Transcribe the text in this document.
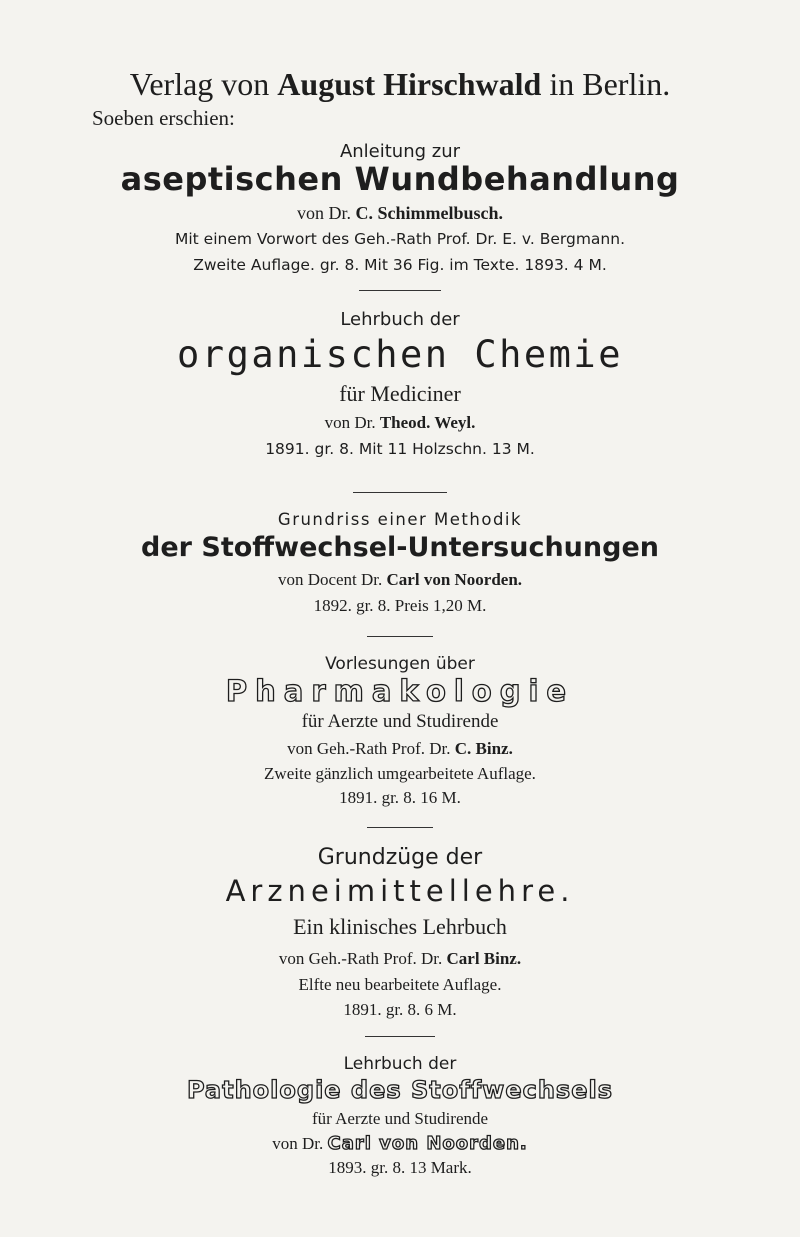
Verlag von August Hirschwald in Berlin.
Soeben erschien:
Anleitung zur
aseptischen Wundbehandlung
von Dr. C. Schimmelbusch.
Mit einem Vorwort des Geh.-Rath Prof. Dr. E. v. Bergmann.
Zweite Auflage. gr. 8. Mit 36 Fig. im Texte. 1893. 4 M.
Lehrbuch der
organischen Chemie
für Mediciner
von Dr. Theod. Weyl.
1891. gr. 8. Mit 11 Holzschn. 13 M.
Grundriss einer Methodik
der Stoffwechsel-Untersuchungen
von Docent Dr. Carl von Noorden.
1892. gr. 8. Preis 1,20 M.
Vorlesungen über
Pharmakologie
für Aerzte und Studirende
von Geh.-Rath Prof. Dr. C. Binz.
Zweite gänzlich umgearbeitete Auflage.
1891. gr. 8. 16 M.
Grundzüge der
Arzneimittellehre.
Ein klinisches Lehrbuch
von Geh.-Rath Prof. Dr. Carl Binz.
Elfte neu bearbeitete Auflage.
1891. gr. 8. 6 M.
Lehrbuch der
Pathologie des Stoffwechsels
für Aerzte und Studirende
von Dr. Carl von Noorden.
1893. gr. 8. 13 Mark.
